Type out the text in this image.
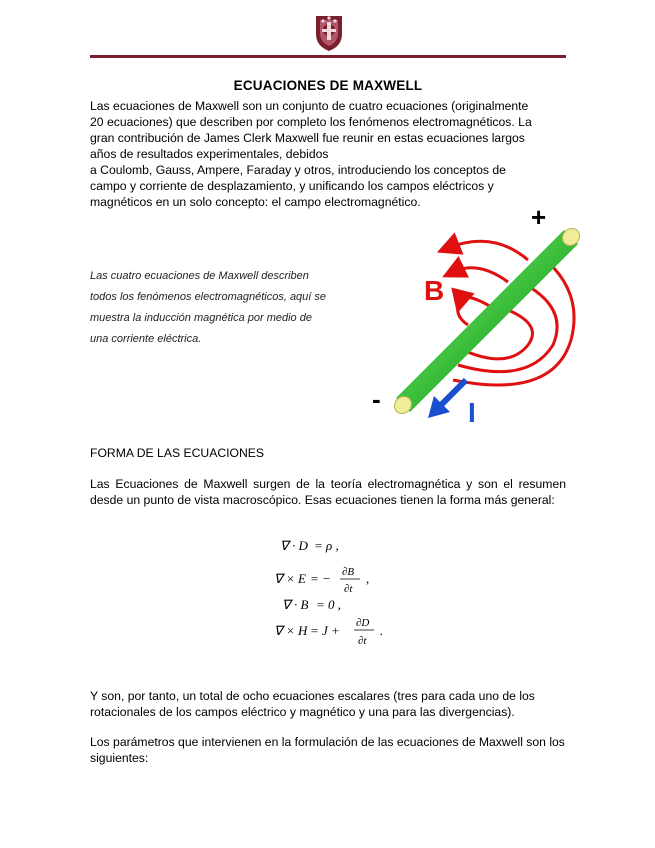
ECUACIONES DE MAXWELL
Las ecuaciones de Maxwell son un conjunto de cuatro ecuaciones (originalmente
20 ecuaciones) que describen por completo los fenómenos electromagnéticos. La
gran contribución de James Clerk Maxwell fue reunir en estas ecuaciones largos
años de resultados experimentales, debidos
a Coulomb, Gauss, Ampere, Faraday y otros, introduciendo los conceptos de
campo y corriente de desplazamiento, y unificando los campos eléctricos y
magnéticos en un solo concepto: el campo electromagnético.
Las cuatro ecuaciones de Maxwell describen
todos los fenómenos electromagnéticos, aquí se
muestra la inducción magnética por medio de
una corriente eléctrica.
+
-
B
I
FORMA DE LAS ECUACIONES
Las Ecuaciones de Maxwell surgen de la teoría electromagnética y son el resumen desde un punto de vista macroscópico. Esas ecuaciones tienen la forma más general:
∇ · D = ρ ,
∇ × E = − ∂B
∂t
,
∇ · B = 0 ,
∇ × H = J + ∂D
∂t
.
Y son, por tanto, un total de ocho ecuaciones escalares (tres para cada uno de los rotacionales de los campos eléctrico y magnético y una para las divergencias).
Los parámetros que intervienen en la formulación de las ecuaciones de Maxwell son los siguientes:
